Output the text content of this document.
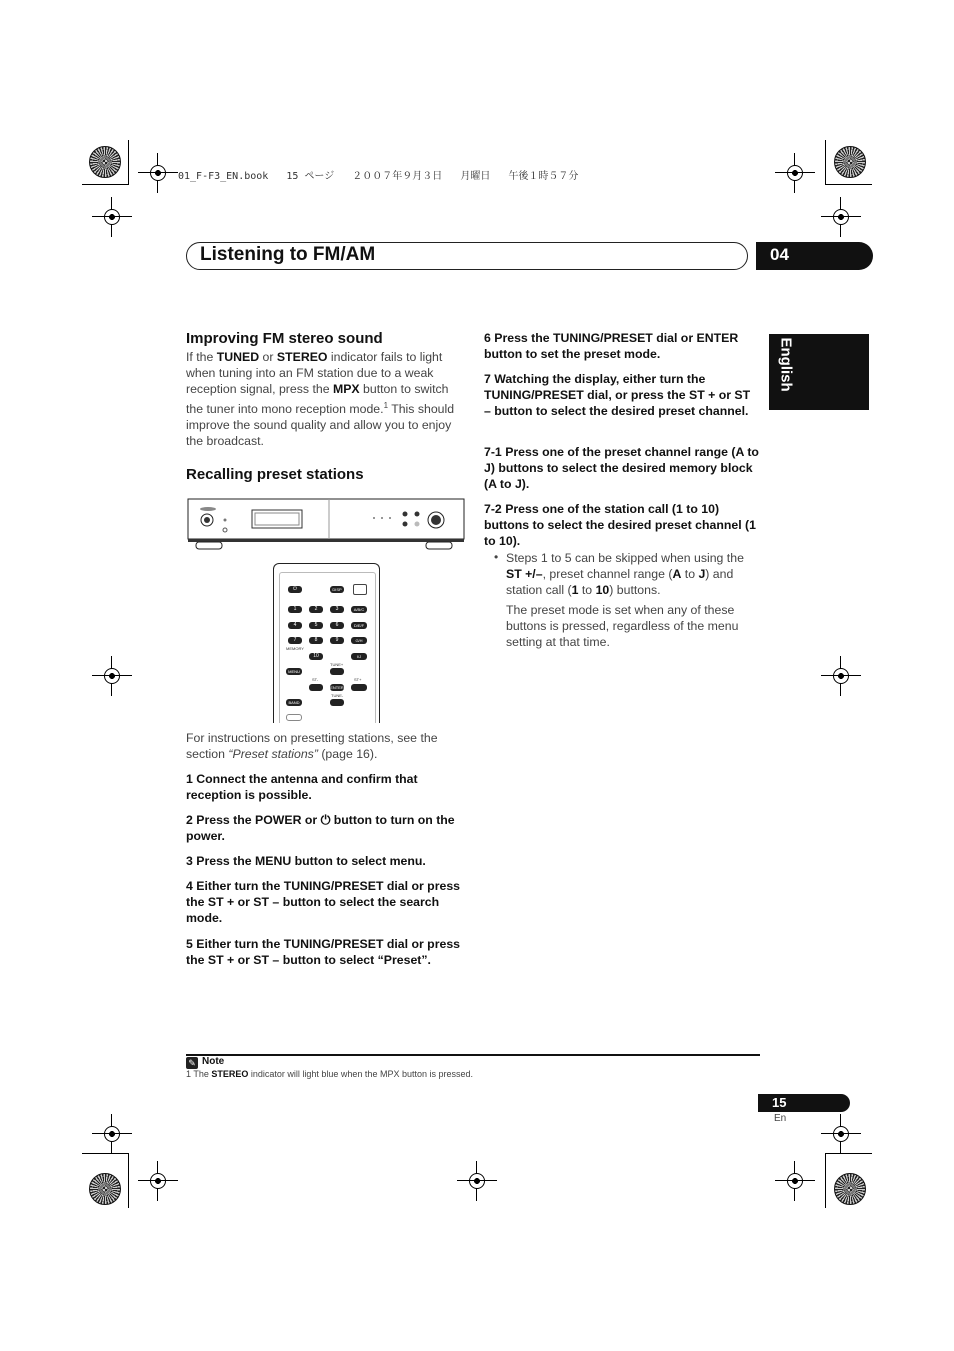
01_F-F3_EN.book   15 ページ   ２００７年９月３日   月曜日   午後１時５７分
Listening to FM/AM	04
English
Improving FM stereo sound
If the TUNED or STEREO indicator fails to light when tuning into an FM station due to a weak reception signal, press the MPX button to switch the tuner into mono reception mode.$^1$ This should improve the sound quality and allow you to enjoy the broadcast.
Recalling preset stations
⏻	DISP
1	2	3	A/B/C
4	5	6	D/E/F
7	8	9	G/H
MEMORY
10	I/J
TUNE+
MENU
ST-	ST+
ENTER
TUNE-
BAND
For instructions on presetting stations, see the section “Preset stations” (page 16).
1 Connect the antenna and confirm that reception is possible.
2 Press the POWER or ⏻ button to turn on the power.
3 Press the MENU button to select menu.
4 Either turn the TUNING/PRESET dial or press the ST + or ST – button to select the search mode.
5 Either turn the TUNING/PRESET dial or press the ST + or ST – button to select “Preset”.
6 Press the TUNING/PRESET dial or ENTER button to set the preset mode.
7 Watching the display, either turn the TUNING/PRESET dial, or press the ST + or ST – button to select the desired preset channel.
7-1 Press one of the preset channel range (A to J) buttons to select the desired memory block (A to J).
7-2 Press one of the station call (1 to 10) buttons to select the desired preset channel (1 to 10).
• Steps 1 to 5 can be skipped when using the ST +/–, preset channel range (A to J) and station call (1 to 10) buttons.
The preset mode is set when any of these buttons is pressed, regardless of the menu setting at that time.
✎ Note
1 The STEREO indicator will light blue when the MPX button is pressed.
15
En
